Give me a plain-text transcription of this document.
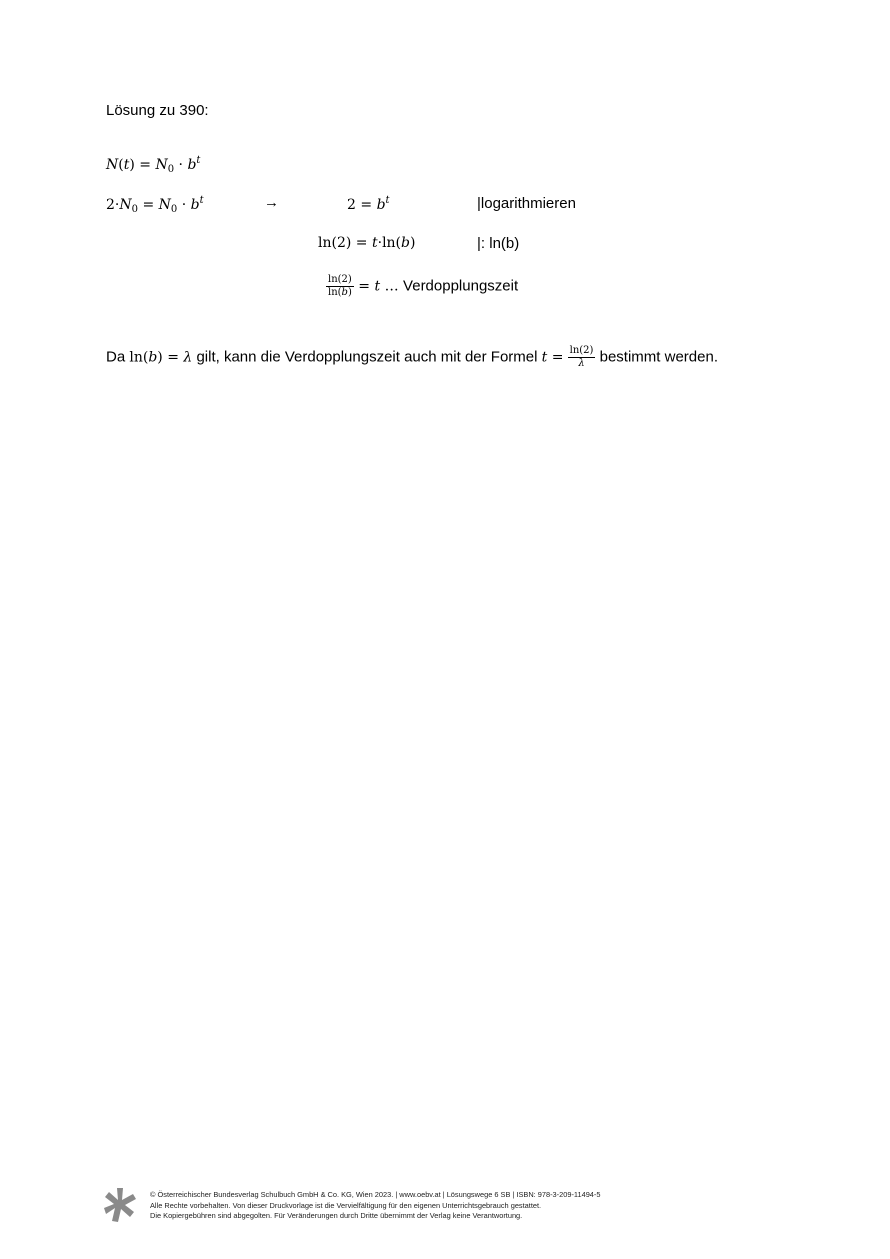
Lösung zu 390:
$N(t) = N_0 \cdot b^t$
$2\cdot N_0 = N_0 \cdot b^t$	→	$2 = b^t$	|logarithmieren
ln(2) = t·ln(b)	|: ln(b)
$\frac{\ln(2)}{\ln(b)} = t$ … Verdopplungszeit
Da ln(b) = λ gilt, kann die Verdopplungszeit auch mit der Formel $t = \frac{\ln(2)}{\lambda}$ bestimmt werden.
© Österreichischer Bundesverlag Schulbuch GmbH & Co. KG, Wien 2023. | www.oebv.at | Lösungswege 6 SB | ISBN: 978-3-209-11494-5
Alle Rechte vorbehalten. Von dieser Druckvorlage ist die Vervielfältigung für den eigenen Unterrichtsgebrauch gestattet.
Die Kopiergebühren sind abgegolten. Für Veränderungen durch Dritte übernimmt der Verlag keine Verantwortung.
